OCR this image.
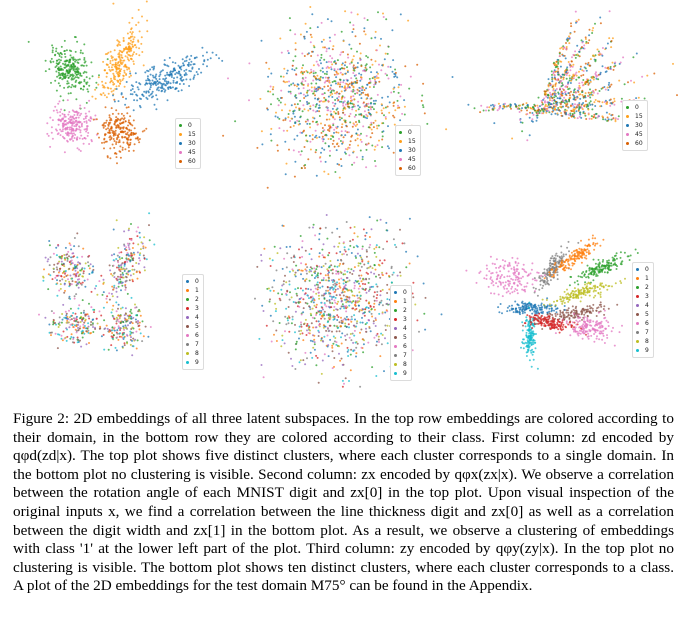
0
15
30
45
60
0
15
30
45
60
0
15
30
45
60
0
1
2
3
4
5
6
7
8
9
0
1
2
3
4
5
6
7
8
9
0
1
2
3
4
5
6
7
8
9

Figure 2: 2D embeddings of all three latent subspaces. In the top row embeddings are colored according to their domain, in the bottom row they are colored according to their class. First column: zd encoded by qφd(zd|x). The top plot shows five distinct clusters, where each cluster corresponds to a single domain. In the bottom plot no clustering is visible. Second column: zx encoded by qφx(zx|x). We observe a correlation between the rotation angle of each MNIST digit and zx[0] in the top plot. Upon visual inspection of the original inputs x, we find a correlation between the line thickness digit and zx[0] as well as a correlation between the digit width and zx[1] in the bottom plot. As a result, we observe a clustering of embeddings with class '1' at the lower left part of the plot. Third column: zy encoded by qφy(zy|x). In the top plot no clustering is visible. The bottom plot shows ten distinct clusters, where each cluster corresponds to a class. A plot of the 2D embeddings for the test domain M75° can be found in the Appendix.
